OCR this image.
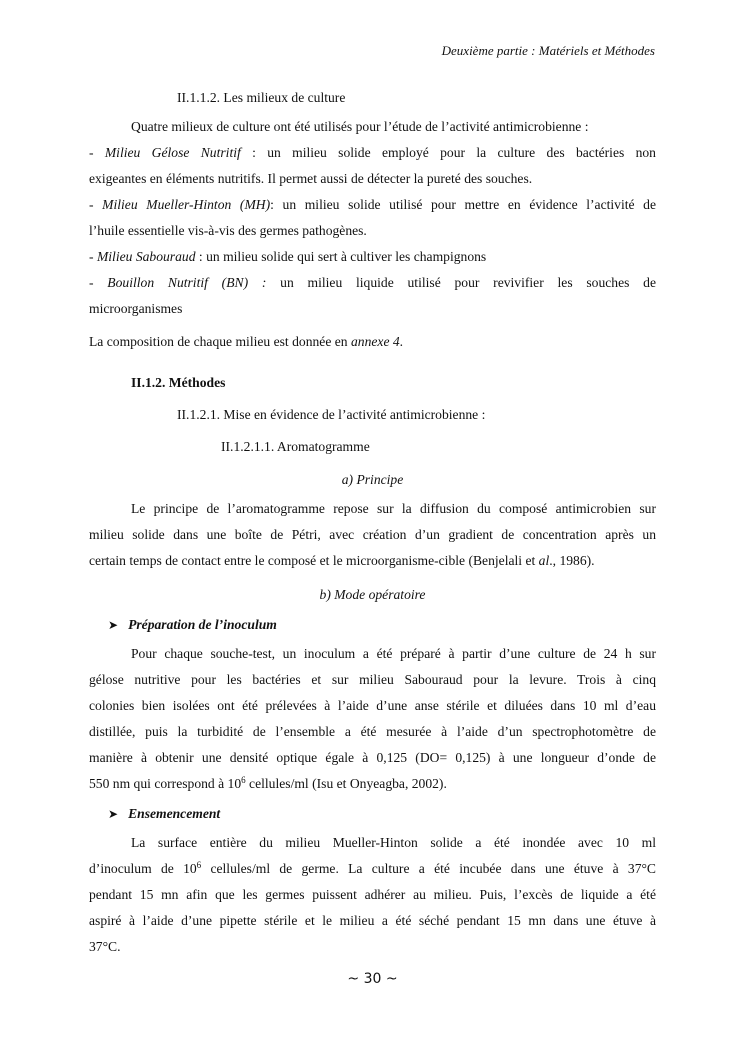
Deuxième partie : Matériels et Méthodes
II.1.1.2. Les milieux de culture
Quatre milieux de culture ont été utilisés pour l’étude de l’activité antimicrobienne :
- Milieu Gélose Nutritif : un milieu solide employé pour la culture des bactéries non
exigeantes en éléments nutritifs. Il permet aussi de détecter la pureté des souches.
- Milieu Mueller-Hinton (MH): un milieu solide utilisé pour mettre en évidence l’activité de
l’huile essentielle vis-à-vis des germes pathogènes.
- Milieu Sabouraud : un milieu solide qui sert à cultiver les champignons
- Bouillon Nutritif (BN) : un milieu liquide utilisé pour revivifier les souches de
microorganismes
La composition de chaque milieu est donnée en annexe 4.
II.1.2. Méthodes
II.1.2.1. Mise en évidence de l’activité antimicrobienne :
II.1.2.1.1. Aromatogramme
a) Principe
Le principe de l’aromatogramme repose sur la diffusion du composé antimicrobien sur
milieu solide dans une boîte de Pétri, avec création d’un gradient de concentration après un
certain temps de contact entre le composé et le microorganisme-cible (Benjelali et al., 1986).
b) Mode opératoire
➤ Préparation de l’inoculum
Pour chaque souche-test, un inoculum a été préparé à partir d’une culture de 24 h sur
gélose nutritive pour les bactéries et sur milieu Sabouraud pour la levure. Trois à cinq
colonies bien isolées ont été prélevées à l’aide d’une anse stérile et diluées dans 10 ml d’eau
distillée, puis la turbidité de l’ensemble a été mesurée à l’aide d’un spectrophotomètre de
manière à obtenir une densité optique égale à 0,125 (DO= 0,125) à une longueur d’onde de
550 nm qui correspond à $10^6$ cellules/ml (Isu et Onyeagba, 2002).
➤ Ensemencement
La surface entière du milieu Mueller-Hinton solide a été inondée avec 10 ml
d’inoculum de $10^6$ cellules/ml de germe. La culture a été incubée dans une étuve à 37°C
pendant 15 mn afin que les germes puissent adhérer au milieu. Puis, l’excès de liquide a été
aspiré à l’aide d’une pipette stérile et le milieu a été séché pendant 15 mn dans une étuve à
37°C.
~ 30 ~
